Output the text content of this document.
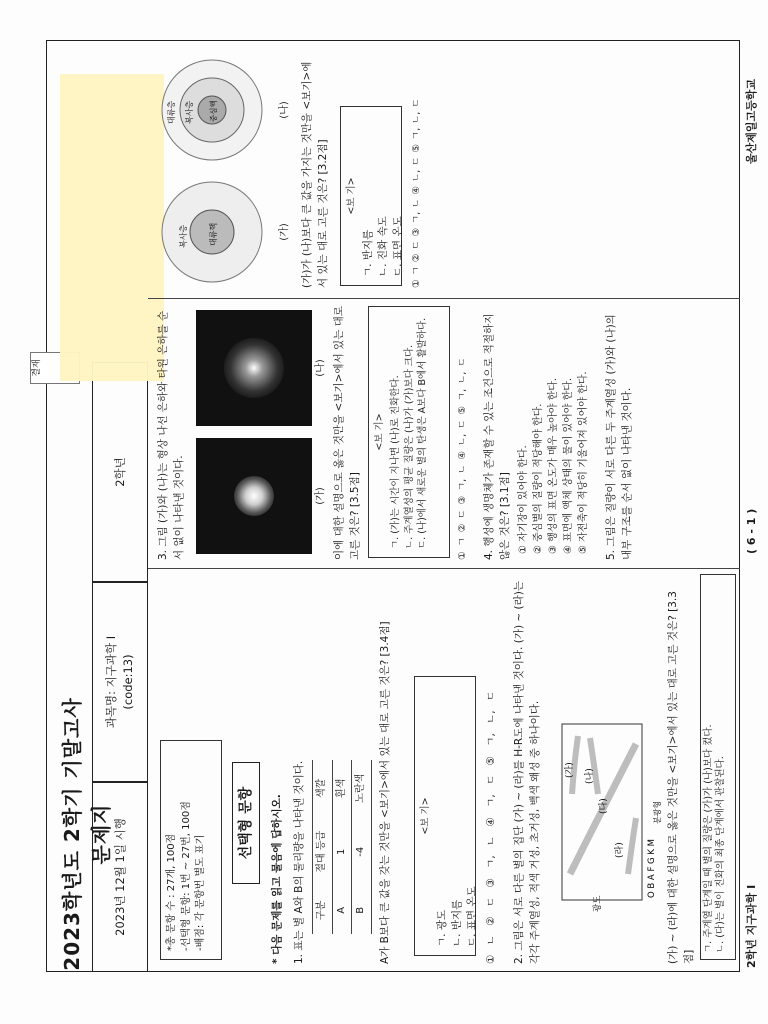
2023학년도 2학기 기말고사 문제지 2023년 12월 1일 시행
과목명: 지구과학 I (code:13)
2학년
결재
*총 문항 수 : 27개, 100점 -선택형 문항: 1번 ~ 27번, 100점 -배점: 각 문항번 별도 표기
선택형 문항	* 다음 문제를 읽고 물음에 답하시오. 1. 표는 별 A와 B의 물리량을 나타낸 것이다. 구분	절대 등급	색깔
A	1	흰색
B	-4	노란색 A가 B보다 큰 값을 갖는 것만을 <보기>에서 있는 대로 고른 것은? [3.4점]	<보 기>
ㄱ. 광도 ㄴ. 반지름 ㄷ. 표면 온도 ① ㄴ ② ㄷ ③ ㄱ, ㄴ ④ ㄱ, ㄷ ⑤ ㄱ, ㄴ, ㄷ 2. 그림은 서로 다른 별의 집단 (가) ~ (라)를 H-R도에 나타낸 것이다. (가) ~ (라)는 각각 주계열성, 적색 거성, 초거성, 백색 왜성 중 하나이다.	(가) (나)
(다)
(라)	O B A F G K M
광도
분광형 (가) ~ (라)에 대한 설명으로 옳은 것만을 <보기>에서 있는 대로 고른 것은? [3.3점]
ㄱ. 주계열 단계일 때 별의 질량은 (가)가 (나)보다 컸다. ㄴ. (다)는 별이 진화의 최종 단계에서 관찰된다.
3. 그림 (가)와 (나)는 형상 나선 은하와 타원 은하를 순서 없이 나타낸 것이다.	(가)
(나) 이에 대한 설명으로 옳은 것만을 <보기>에서 있는 대로 고른 것은? [3.5점]
<보 기> ㄱ. (가)는 시간이 지나면 (나)로 진화한다. ㄴ. 주계열성의 평균 질량은 (나)가 (가)보다 크다. ㄷ. (나)에서 새로운 별의 탄생은 A보다 B에서 활발하다.	① ㄱ ② ㄷ ③ ㄱ, ㄴ ④ ㄴ, ㄷ ⑤ ㄱ, ㄴ, ㄷ 4. 행성에 생명체가 존재할 수 있는 조건으로 적절하지 않은 것은? [3.1점] ① 자기장이 있어야 한다. ② 중심별의 질량이 적당해야 한다. ③ 행성의 표면 온도가 매우 높아야 한다. ④ 표면에 액체 상태의 물이 있어야 한다. ⑤ 자전축이 적당히 기울어져 있어야 한다. 5. 그림은 질량이 서로 다른 두 주계열성 (가)와 (나)의 내부 구조를 순서 없이 나타낸 것이다.
복사층	대류핵
대류층 복사층 중심핵
(가)
(나) (가)가 (나)보다 큰 값을 가지는 것만을 <보기>에서 있는 대로 고른 것은? [3.2점] <보 기>
ㄱ. 반지름 ㄴ. 진화 속도 ㄷ. 표면 온도 ① ㄱ ② ㄷ ③ ㄱ, ㄴ ④ ㄴ, ㄷ ⑤ ㄱ, ㄴ, ㄷ
2학년 지구과학 I
( 6 - 1 )
울산제일고등학교
